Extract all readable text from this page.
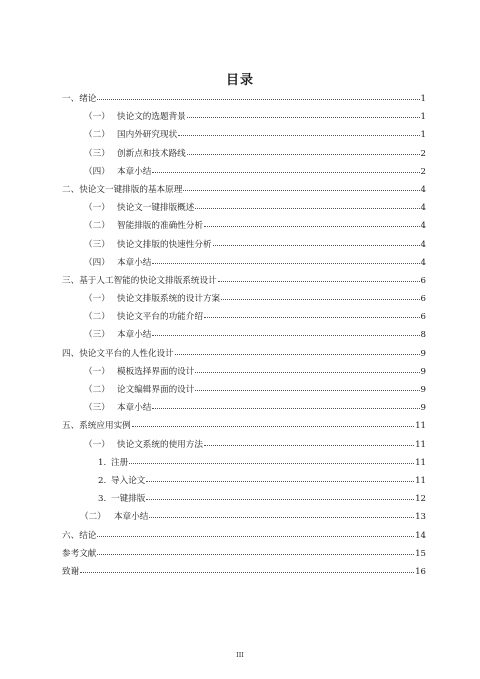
目录
一、 绪论	1
（一） 快论文的选题背景	1
（二） 国内外研究现状	1
（三） 创新点和技术路线	2
（四） 本章小结	2
二、 快论文一键排版的基本原理	4
（一） 快论文一键排版概述	4
（二） 智能排版的准确性分析	4
（三） 快论文排版的快速性分析	4
（四） 本章小结	4
三、 基于人工智能的快论文排版系统设计	6
（一） 快论文排版系统的设计方案	6
（二） 快论文平台的功能介绍	6
（三） 本章小结	8
四、 快论文平台的人性化设计	9
（一） 模板选择界面的设计	9
（二） 论文编辑界面的设计	9
（三） 本章小结	9
五、 系统应用实例	11
（一） 快论文系统的使用方法	11
1. 注册	11
2. 导入论文	11
3. 一键排版	12
（二） 本章小结	13
六、 结论	14
参考文献	15
致谢	16
III
